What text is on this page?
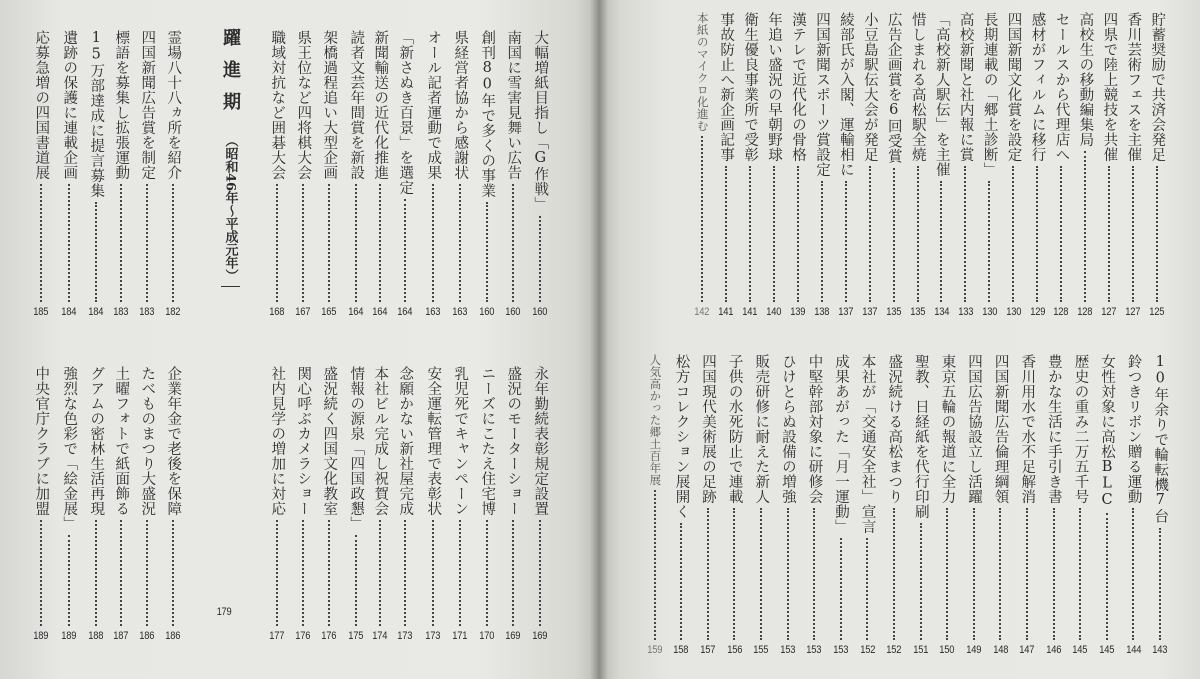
躍進期
（昭和46年〜平成元年）
179
貯蓄奨励で共済会発足
125
香川芸術フェスを主催
127
四県で陸上競技を共催
127
高校生の移動編集局
128
セールスから代理店へ
128
感材がフィルムに移行
129
四国新聞文化賞を設定
130
長期連載の「郷土診断」
130
高校新聞と社内報に賞
133
「高校新人駅伝」を主催
134
惜しまれる高松駅全焼
135
広告企画賞を6回受賞
135
小豆島駅伝大会が発足
137
綾部氏が入閣、運輸相に
137
四国新聞スポーツ賞設定
138
漢テレで近代化の骨格
139
年追い盛況の早朝野球
140
衛生優良事業所で受彰
141
事故防止へ新企画記事
141
本紙のマイクロ化進む
142
10年余りで輪転機7台
143
鈴つきリボン贈る運動
144
女性対象に高松BLC
145
歴史の重み二万五千号
145
豊かな生活に手引き書
146
香川用水で水不足解消
147
四国新聞広告倫理綱領
148
四国広告協設立し活躍
149
東京五輪の報道に全力
150
聖教、日経紙を代行印刷
151
盛況続ける高松まつり
152
本社が「交通安全社」宣言
152
成果あがった「月一運動」
153
中堅幹部対象に研修会
153
ひけとらぬ設備の増強
153
販売研修に耐えた新人
155
子供の水死防止で連載
156
四国現代美術展の足跡
157
松方コレクション展開く
158
人気高かった郷土百年展
159
大幅増紙目指し「G作戦」
160
南国に雪害見舞い広告
160
創刊80年で多くの事業
160
県経営者協から感謝状
163
オール記者運動で成果
163
「新さぬき百景」を選定
164
新聞輸送の近代化推進
164
読者文芸年間賞を新設
164
架橋過程追い大型企画
165
県王位など四将棋大会
167
職域対抗など囲碁大会
168
霊場八十八ヵ所を紹介
182
四国新聞広告賞を制定
183
標語を募集し拡張運動
183
15万部達成に提言募集
184
遺跡の保護に連載企画
184
応募急増の四国書道展
185
永年勤続表彰規定設置
169
盛況のモーターショー
169
ニーズにこたえ住宅博
170
乳児死でキャンペーン
171
安全運転管理で表彰状
173
念願かない新社屋完成
173
本社ビル完成し祝賀会
174
情報の源泉「四国政懇」
175
盛況続く四国文化教室
176
関心呼ぶカメラショー
176
社内見学の増加に対応
177
企業年金で老後を保障
186
たべものまつり大盛況
186
土曜フォトで紙面飾る
187
グアムの密林生活再現
188
強烈な色彩で「絵金展」
189
中央官庁クラブに加盟
189
